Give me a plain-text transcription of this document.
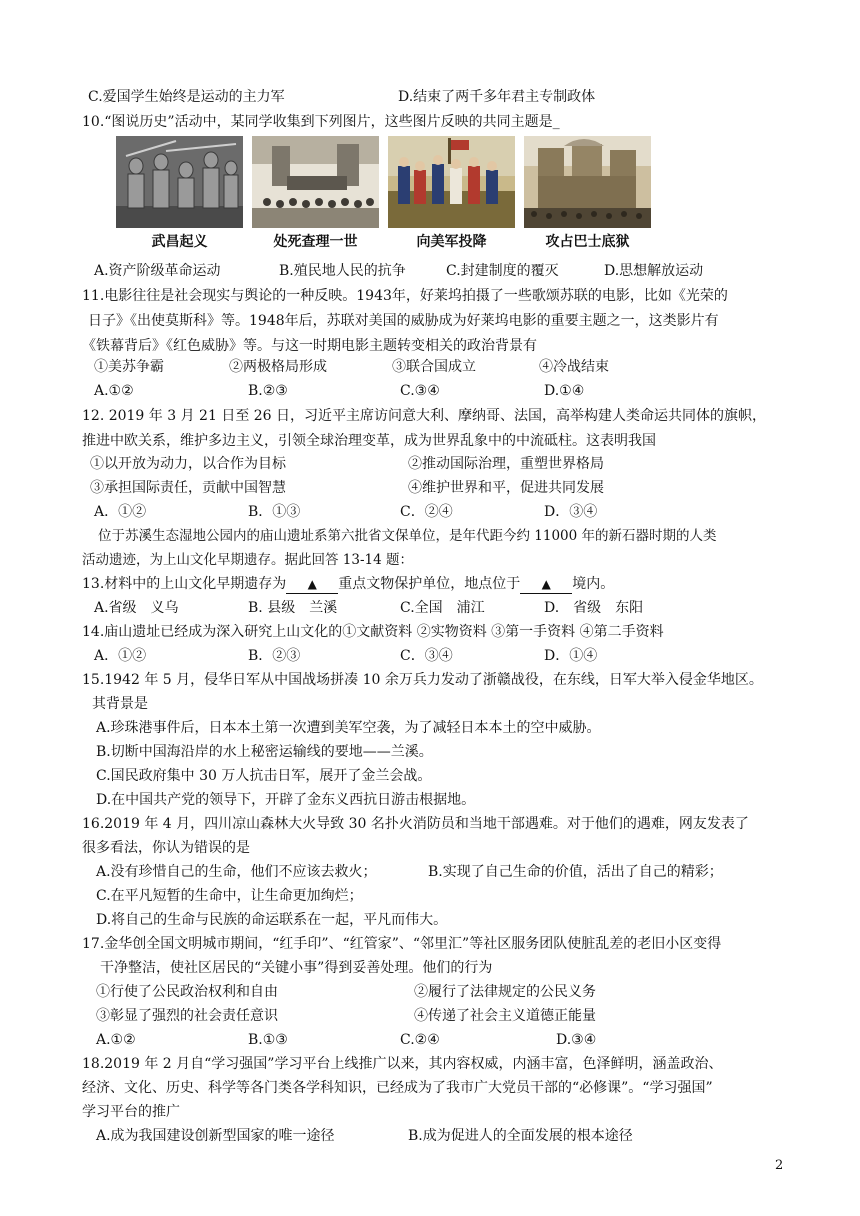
C.爱国学生始终是运动的主力军	D.结束了两千多年君主专制政体
10.“图说历史”活动中，某同学收集到下列图片，这些图片反映的共同主题是_
武昌起义	处死查理一世	向美军投降	攻占巴士底狱
A.资产阶级革命运动	B.殖民地人民的抗争	C.封建制度的覆灭	D.思想解放运动
11.电影往往是社会现实与舆论的一种反映。1943年，好莱坞拍摄了一些歌颂苏联的电影，比如《光荣的
日子》《出使莫斯科》等。1948年后，苏联对美国的威胁成为好莱坞电影的重要主题之一，这类影片有
《铁幕背后》《红色威胁》等。与这一时期电影主题转变相关的政治背景有
①美苏争霸	②两极格局形成	③联合国成立	④冷战结束
A.①②	B.②③	C.③④	D.①④
12. 2019 年 3 月 21 日至 26 日，习近平主席访问意大利、摩纳哥、法国，高举构建人类命运共同体的旗帜，
推进中欧关系，维护多边主义，引领全球治理变革，成为世界乱象中的中流砥柱。这表明我国
①以开放为动力，以合作为目标	②推动国际治理，重塑世界格局
③承担国际责任，贡献中国智慧	④维护世界和平，促进共同发展
A．①②	B．①③	C．②④	D．③④
位于苏溪生态湿地公园内的庙山遗址系第六批省文保单位，是年代距今约 11000 年的新石器时期的人类
活动遗迹，为上山文化早期遗存。据此回答 13-14 题：
13.材料中的上山文化早期遗存为 ▲ 重点文物保护单位，地点位于 ▲ 境内。
A.省级　义乌	B. 县级　兰溪	C.全国　浦江	D.　省级　东阳
14.庙山遗址已经成为深入研究上山文化的①文献资料 ②实物资料 ③第一手资料 ④第二手资料
A．①②	B．②③	C．③④	D．①④
15.1942 年 5 月，侵华日军从中国战场拼凑 10 余万兵力发动了浙赣战役，在东线，日军大举入侵金华地区。
其背景是
A.珍珠港事件后，日本本土第一次遭到美军空袭，为了减轻日本本土的空中威胁。
B.切断中国海沿岸的水上秘密运输线的要地——兰溪。
C.国民政府集中 30 万人抗击日军，展开了金兰会战。
D.在中国共产党的领导下，开辟了金东义西抗日游击根据地。
16.2019 年 4 月，四川凉山森林大火导致 30 名扑火消防员和当地干部遇难。对于他们的遇难，网友发表了
很多看法，你认为错误的是
A.没有珍惜自己的生命，他们不应该去救火；	B.实现了自己生命的价值，活出了自己的精彩；
C.在平凡短暂的生命中，让生命更加绚烂；
D.将自己的生命与民族的命运联系在一起，平凡而伟大。
17.金华创全国文明城市期间，“红手印”、“红管家”、“邻里汇”等社区服务团队使脏乱差的老旧小区变得
干净整洁，使社区居民的“关键小事”得到妥善处理。他们的行为
①行使了公民政治权利和自由	②履行了法律规定的公民义务
③彰显了强烈的社会责任意识	④传递了社会主义道德正能量
A.①②	B.①③	C.②④	D.③④
18.2019 年 2 月自“学习强国”学习平台上线推广以来，其内容权威，内涵丰富，色泽鲜明，涵盖政治、
经济、文化、历史、科学等各门类各学科知识，已经成为了我市广大党员干部的“必修课”。“学习强国”
学习平台的推广
A.成为我国建设创新型国家的唯一途径	B.成为促进人的全面发展的根本途径
2
